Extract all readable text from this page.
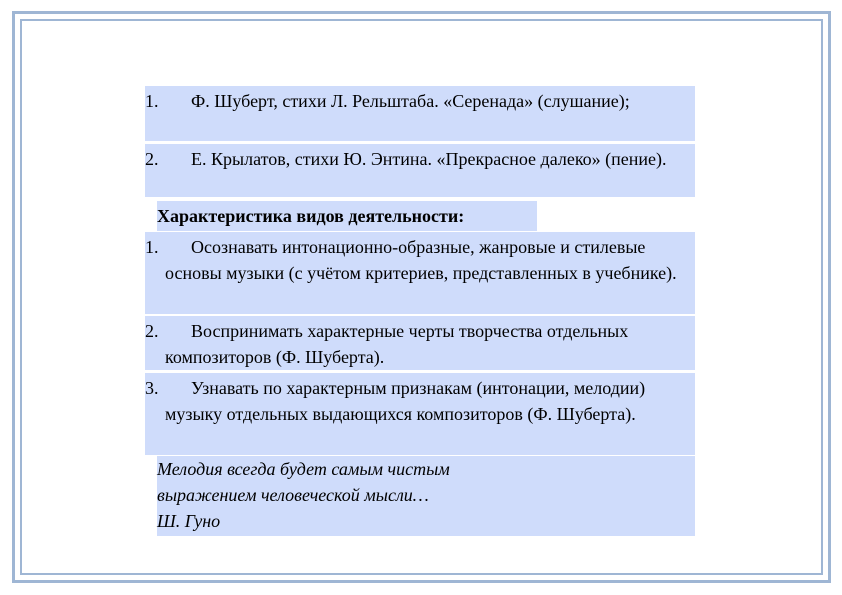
1.	Ф. Шуберт, стихи Л. Рельштаба. «Серенада» (слушание);
2.	Е. Крылатов, стихи Ю. Энтина. «Прекрасное далеко» (пение).
Характеристика видов деятельности:
1.	Осознавать интонационно-образные, жанровые и стилевые основы музыки (с учётом критериев, представленных в учебнике).
2.	Воспринимать характерные черты творчества отдельных композиторов (Ф. Шуберта).
3.	Узнавать по характерным признакам (интонации, мелодии) музыку отдельных выдающихся композиторов (Ф. Шуберта).
Мелодия всегда будет самым чистым
выражением человеческой мысли…
Ш. Гуно
